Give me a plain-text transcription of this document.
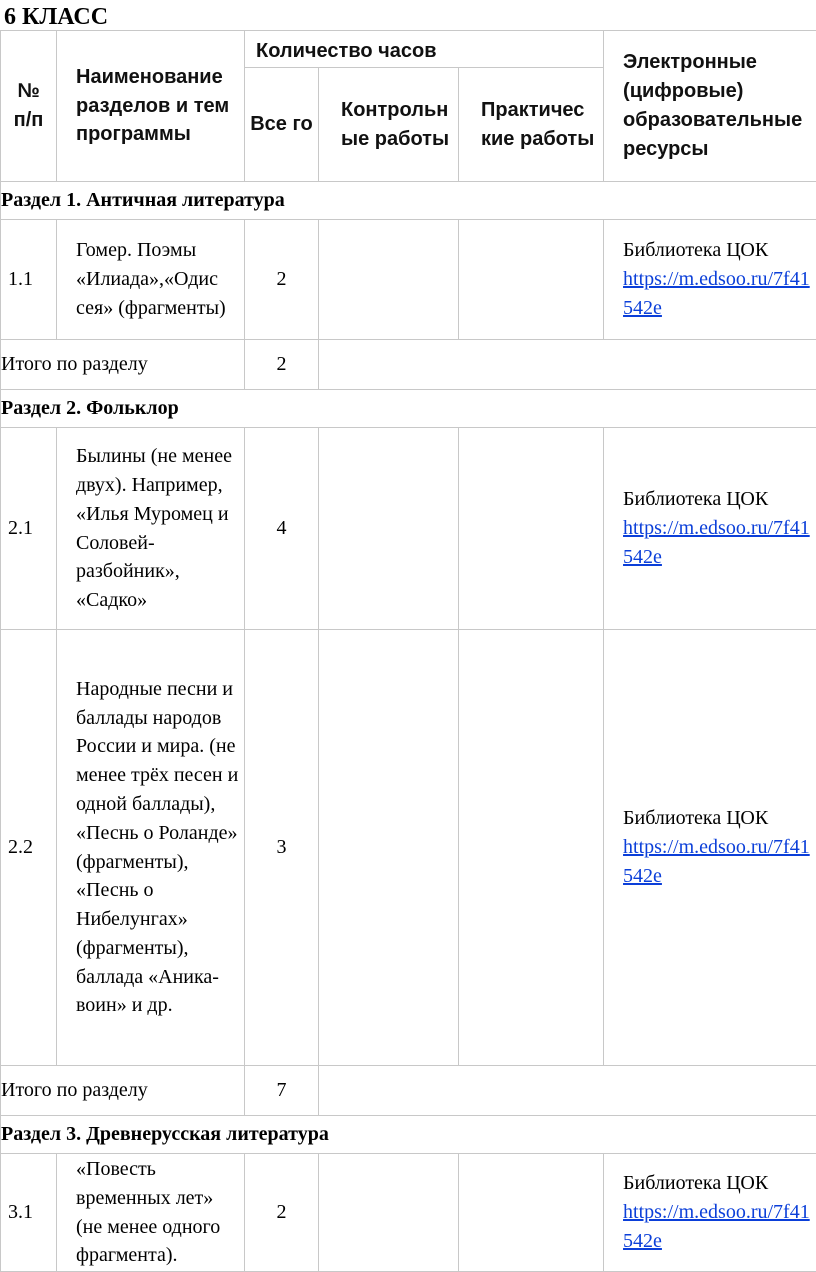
6 КЛАСС
№ п/п	Наименование разделов и тем программы	Количество часов			Электронные (цифровые) образовательные ресурсы
		Все го	Контрольн ые работы	Практичес кие работы	
Раздел 1. Античная литература					
1.1	Гомер. Поэмы «Илиада»,«Одис сея» (фрагменты)	2			Библиотека ЦОК
https://m.edsoo.ru/7f41542e

Итого по разделу		2			
Раздел 2. Фольклор					
2.1	Былины (не менее двух). Например, «Илья Муромец и Соловей-разбойник», «Садко»	4			Библиотека ЦОК
https://m.edsoo.ru/7f41542e

2.2	Народные песни и баллады народов России и мира. (не менее трёх песен и одной баллады), «Песнь о Роланде» (фрагменты), «Песнь о Нибелунгах» (фрагменты), баллада «Аника-воин» и др.	3			Библиотека ЦОК
https://m.edsoo.ru/7f41542e

Итого по разделу		7			
Раздел 3. Древнерусская литература					
3.1	«Повесть временных лет» (не менее одного фрагмента).	2			Библиотека ЦОК
https://m.edsoo.ru/7f41542e
